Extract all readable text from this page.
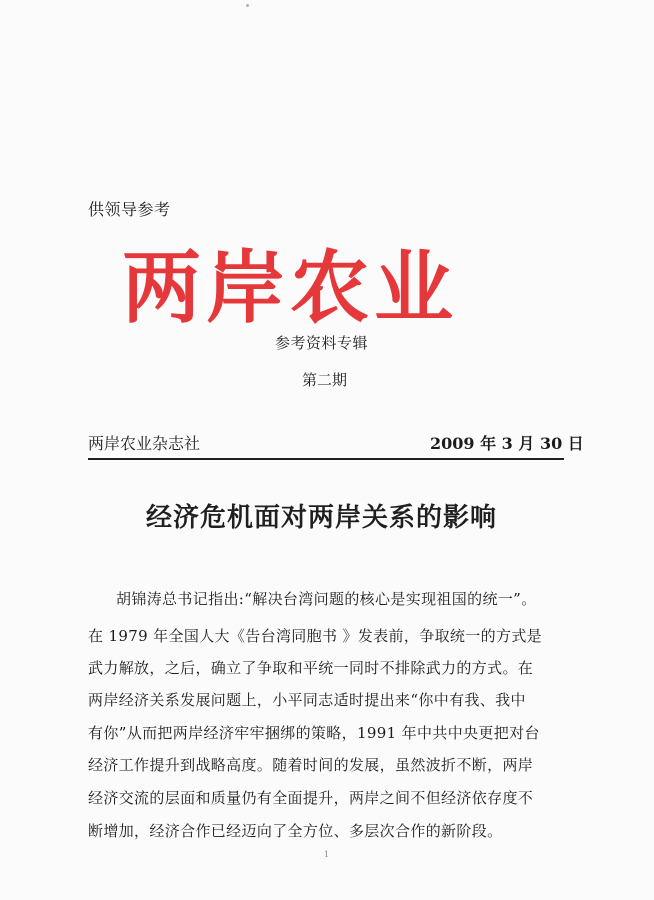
供领导参考
两岸农业
参考资料专辑
第二期
两岸农业杂志社	2009 年 3 月 30 日
经济危机面对两岸关系的影响
胡锦涛总书记指出:“解决台湾问题的核心是实现祖国的统一”。
在 1979 年全国人大《告台湾同胞书 》发表前，争取统一的方式是
武力解放，之后，确立了争取和平统一同时不排除武力的方式。在
两岸经济关系发展问题上，小平同志适时提出来“你中有我、我中
有你”从而把两岸经济牢牢捆绑的策略，1991 年中共中央更把对台
经济工作提升到战略高度。随着时间的发展，虽然波折不断，两岸
经济交流的层面和质量仍有全面提升，两岸之间不但经济依存度不
断增加，经济合作已经迈向了全方位、多层次合作的新阶段。
1
